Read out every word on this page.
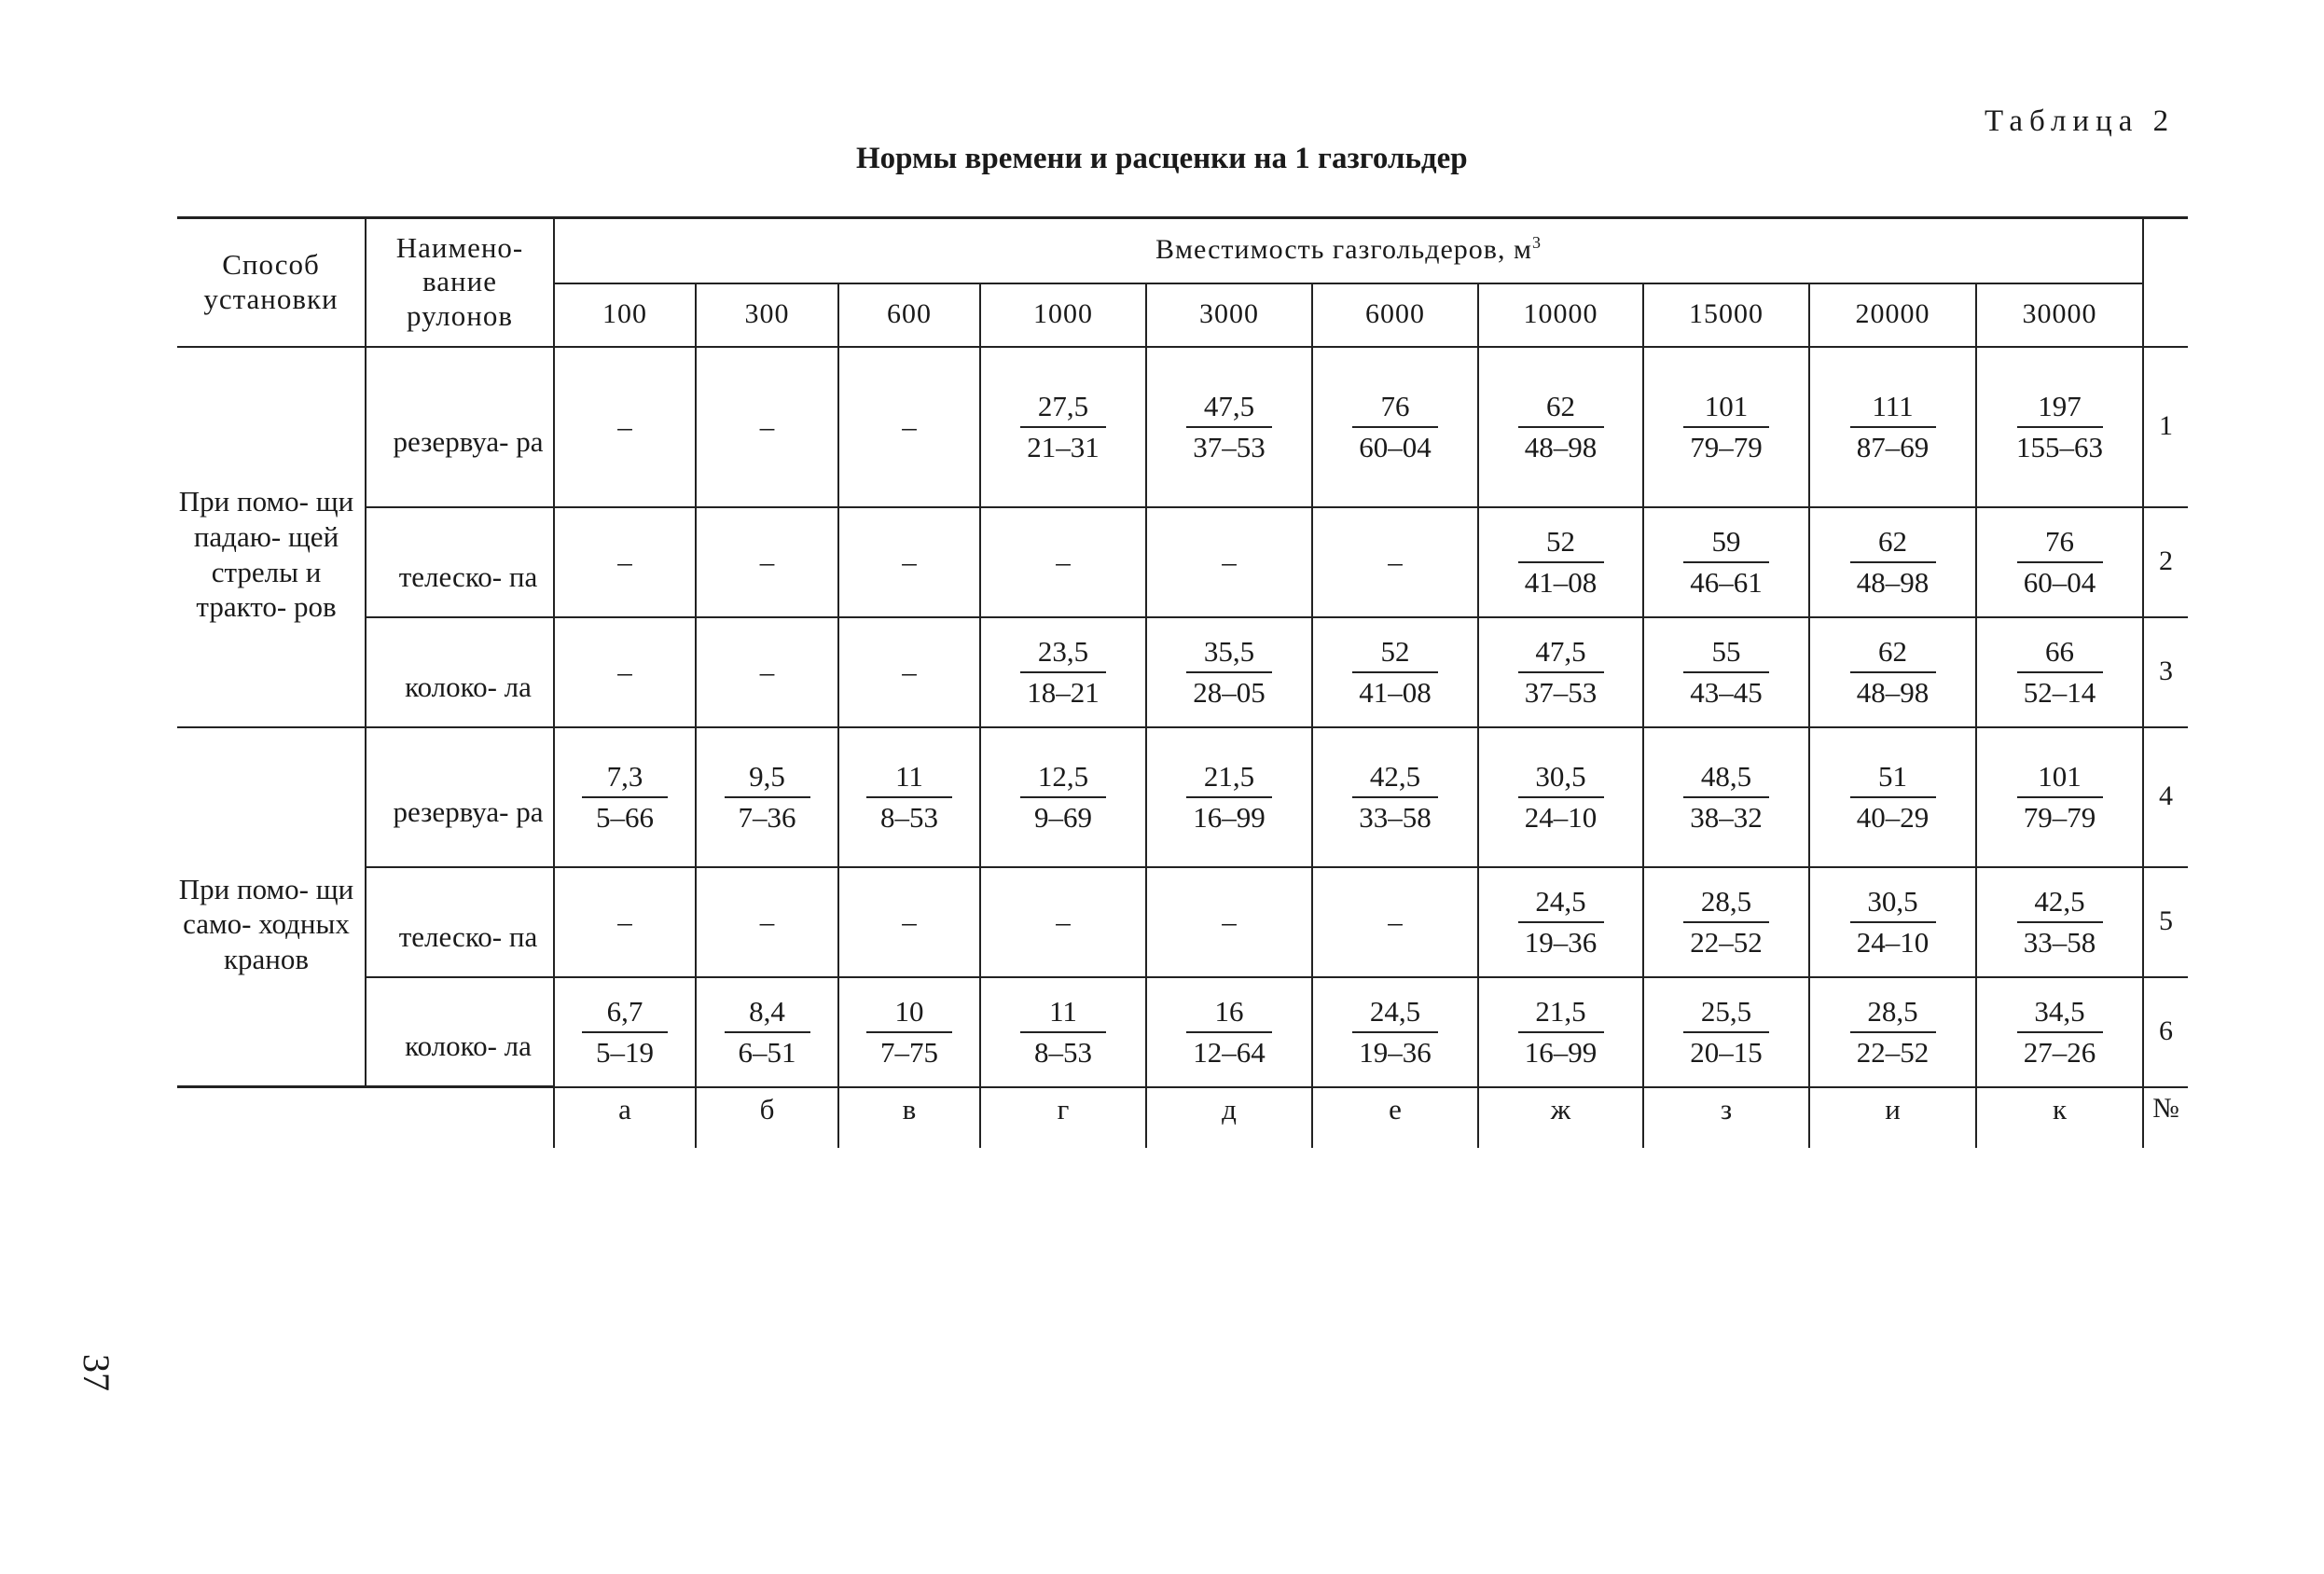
Таблица 2
Нормы времени и расценки на 1 газгольдер
Способ установки	Наимено- вание рулонов	Вместимость газгольдеров, $м^3$	
		100	300	600	1000	3000	6000	10000	15000	20000	30000	

При помо- щи падаю- щей стрелы и тракто- ров	резервуа- ра	–	–	–	$\frac{27,5}{21-31}$	$\frac{47,5}{37-53}$	$\frac{76}{60-04}$	$\frac{62}{48-98}$	$\frac{101}{79-79}$	$\frac{111}{87-69}$	$\frac{197}{155-63}$	1

	телеско- па	–	–	–	–	–	–	$\frac{52}{41-08}$	$\frac{59}{46-61}$	$\frac{62}{48-98}$	$\frac{76}{60-04}$	2

	колоко- ла	–	–	–	$\frac{23,5}{18-21}$	$\frac{35,5}{28-05}$	$\frac{52}{41-08}$	$\frac{47,5}{37-53}$	$\frac{55}{43-45}$	$\frac{62}{48-98}$	$\frac{66}{52-14}$	3

При помо- щи само- ходных кранов	резервуа- ра	$\frac{7,3}{5-66}$	$\frac{9,5}{7-36}$	$\frac{11}{8-53}$	$\frac{12,5}{9-69}$	$\frac{21,5}{16-99}$	$\frac{42,5}{33-58}$	$\frac{30,5}{24-10}$	$\frac{48,5}{38-32}$	$\frac{51}{40-29}$	$\frac{101}{79-79}$	4

	телеско- па	–	–	–	–	–	–	$\frac{24,5}{19-36}$	$\frac{28,5}{22-52}$	$\frac{30,5}{24-10}$	$\frac{42,5}{33-58}$	5

	колоко- ла	$\frac{6,7}{5-19}$	$\frac{8,4}{6-51}$	$\frac{10}{7-75}$	$\frac{11}{8-53}$	$\frac{16}{12-64}$	$\frac{24,5}{19-36}$	$\frac{21,5}{16-99}$	$\frac{25,5}{20-15}$	$\frac{28,5}{22-52}$	$\frac{34,5}{27-26}$	6
		а	б	в	г	д	е	ж	з	и	к	№
37
